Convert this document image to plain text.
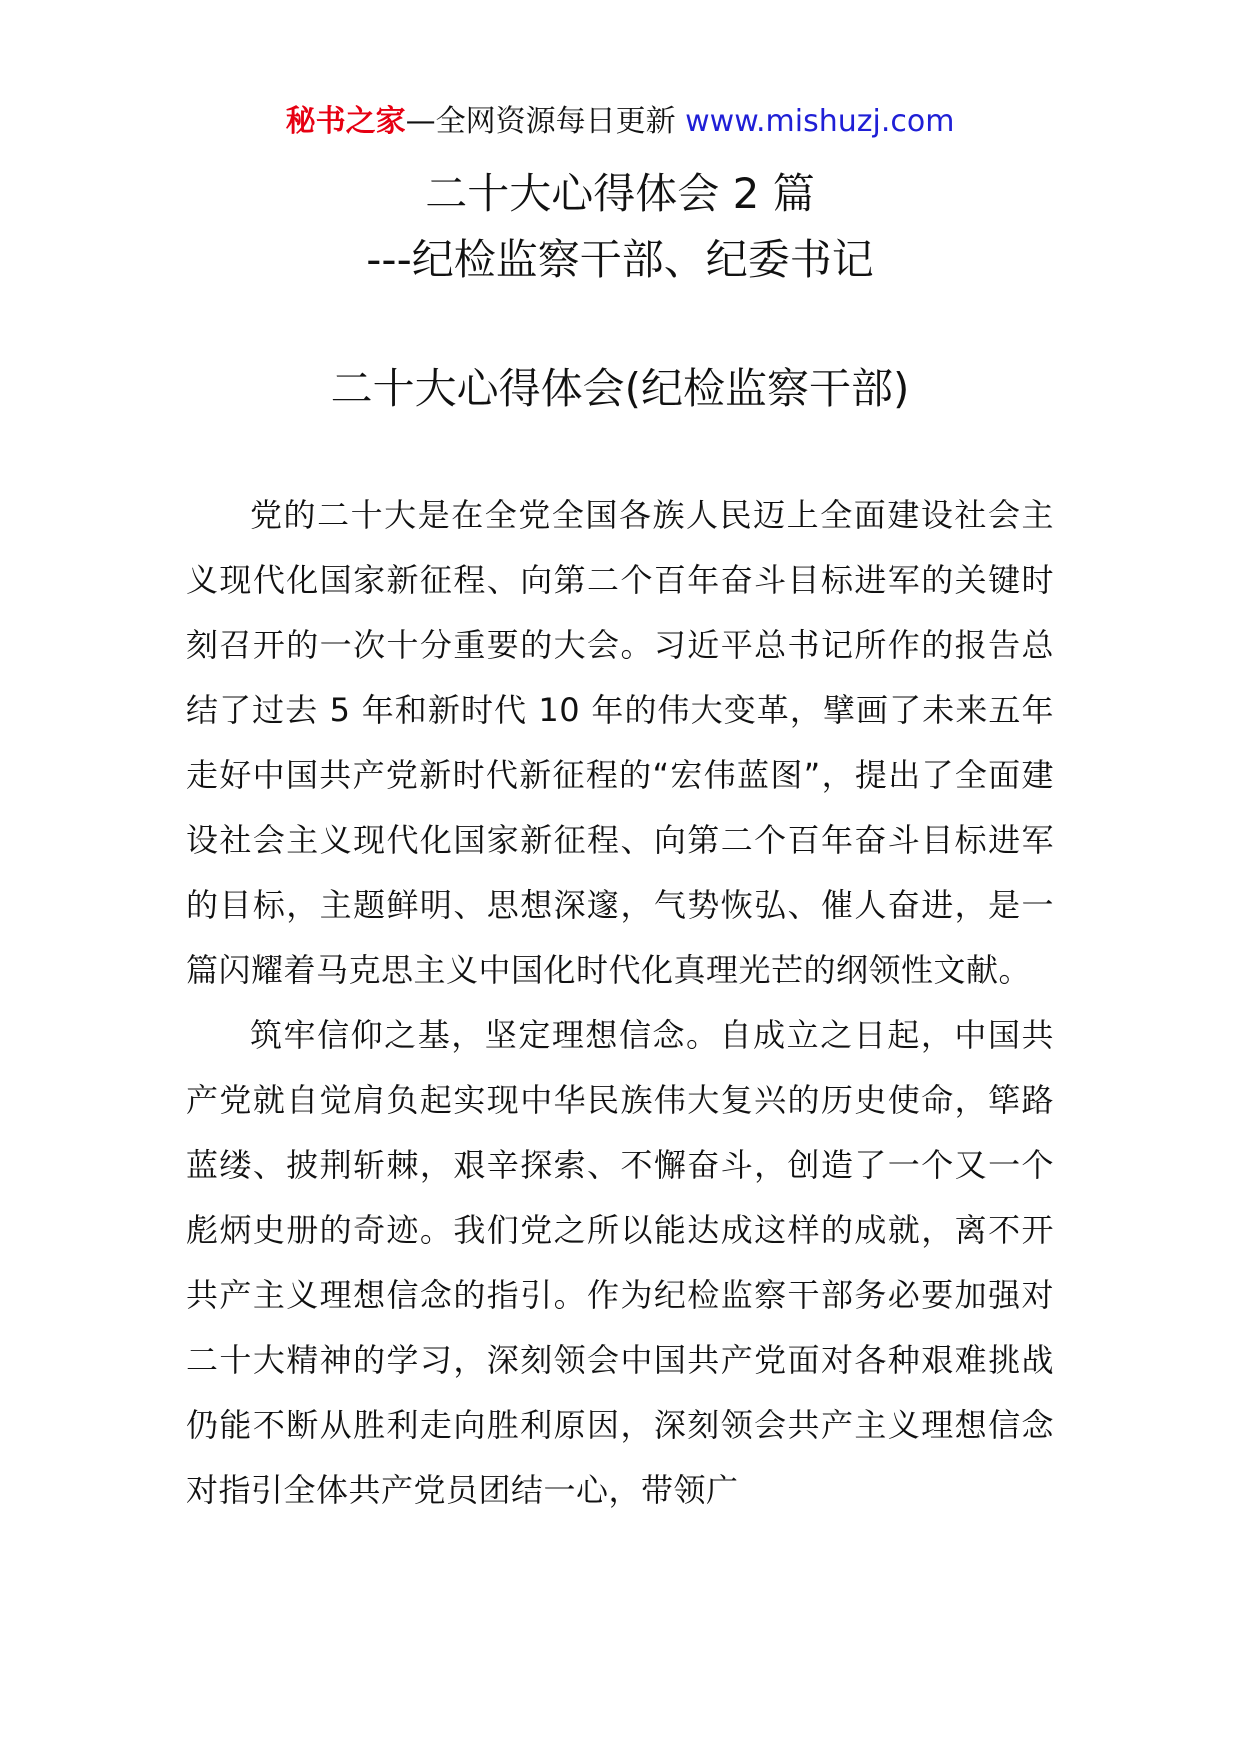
秘书之家—全网资源每日更新 www.mishuzj.com
二十大心得体会 2 篇
---纪检监察干部、纪委书记
二十大心得体会(纪检监察干部)

党的二十大是在全党全国各族人民迈上全面建设社会主义现代化国家新征程、向第二个百年奋斗目标进军的关键时刻召开的一次十分重要的大会。习近平总书记所作的报告总结了过去 5 年和新时代 10 年的伟大变革，擘画了未来五年走好中国共产党新时代新征程的“宏伟蓝图”，提出了全面建设社会主义现代化国家新征程、向第二个百年奋斗目标进军的目标，主题鲜明、思想深邃，气势恢弘、催人奋进，是一篇闪耀着马克思主义中国化时代化真理光芒的纲领性文献。

筑牢信仰之基，坚定理想信念。自成立之日起，中国共产党就自觉肩负起实现中华民族伟大复兴的历史使命，筚路蓝缕、披荆斩棘，艰辛探索、不懈奋斗，创造了一个又一个彪炳史册的奇迹。我们党之所以能达成这样的成就，离不开共产主义理想信念的指引。作为纪检监察干部务必要加强对二十大精神的学习，深刻领会中国共产党面对各种艰难挑战仍能不断从胜利走向胜利原因，深刻领会共产主义理想信念对指引全体共产党员团结一心，带领广
